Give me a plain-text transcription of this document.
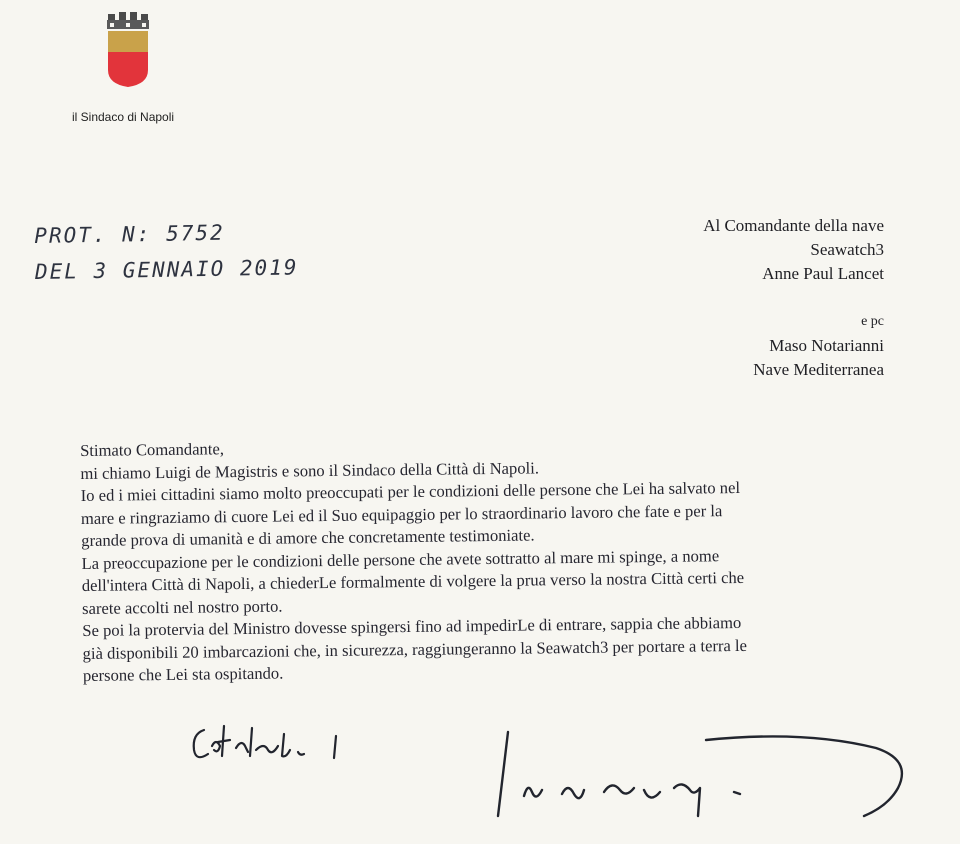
il Sindaco di Napoli
PROT. N: 5752
DEL 3 GENNAIO 2019
Al Comandante della nave
Seawatch3
Anne Paul Lancet
e pc
Maso Notarianni
Nave Mediterranea

Stimato Comandante,

mi chiamo Luigi de Magistris e sono il Sindaco della Città di Napoli.

Io ed i miei cittadini siamo molto preoccupati per le condizioni delle persone che Lei ha salvato nel

mare e ringraziamo di cuore Lei ed il Suo equipaggio per lo straordinario lavoro che fate e per la

grande prova di umanità e di amore che concretamente testimoniate.

La preoccupazione per le condizioni delle persone che avete sottratto al mare mi spinge, a nome

dell'intera Città di Napoli, a chiederLe formalmente di volgere la prua verso la nostra Città certi che

sarete accolti nel nostro porto.

Se poi la protervia del Ministro dovesse spingersi fino ad impedirLe di entrare, sappia che abbiamo

già disponibili 20 imbarcazioni che, in sicurezza, raggiungeranno la Seawatch3 per portare a terra le

persone che Lei sta ospitando.
